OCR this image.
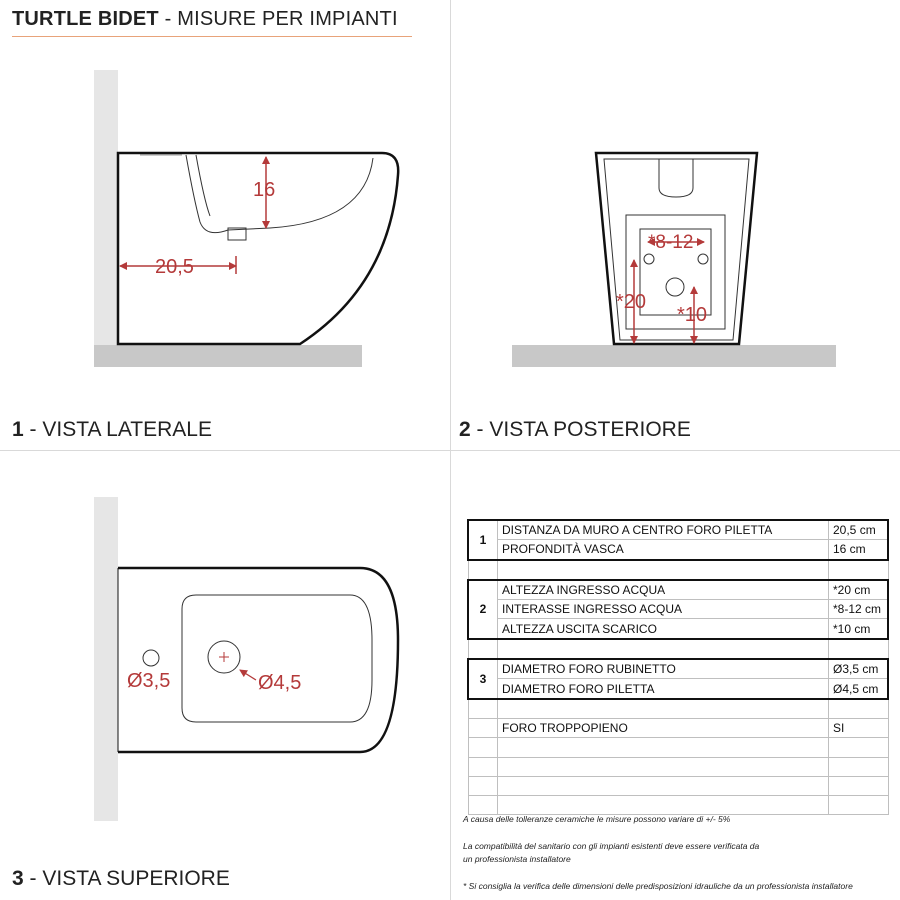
TURTLE BIDET - MISURE PER IMPIANTI
1 - VISTA LATERALE	2 - VISTA POSTERIORE
3 - VISTA SUPERIORE
16
20,5
*8-12
*20
*10
Ø3,5	Ø4,5
1	DISTANZA DA MURO A CENTRO FORO PILETTA	20,5 cm
	PROFONDITÀ VASCA	16 cm

2	ALTEZZA INGRESSO ACQUA	*20 cm
	INTERASSE INGRESSO ACQUA	*8-12 cm
	ALTEZZA USCITA SCARICO	*10 cm

3	DIAMETRO FORO RUBINETTO	Ø3,5 cm
	DIAMETRO FORO PILETTA	Ø4,5 cm

	FORO TROPPOPIENO	SI

A causa delle tolleranze ceramiche le misure possono variare di +/- 5%
La compatibilità del sanitario con gli impianti esistenti deve essere verificata da
un professionista installatore
* Si consiglia la verifica delle dimensioni delle predisposizioni idrauliche da un professionista installatore
